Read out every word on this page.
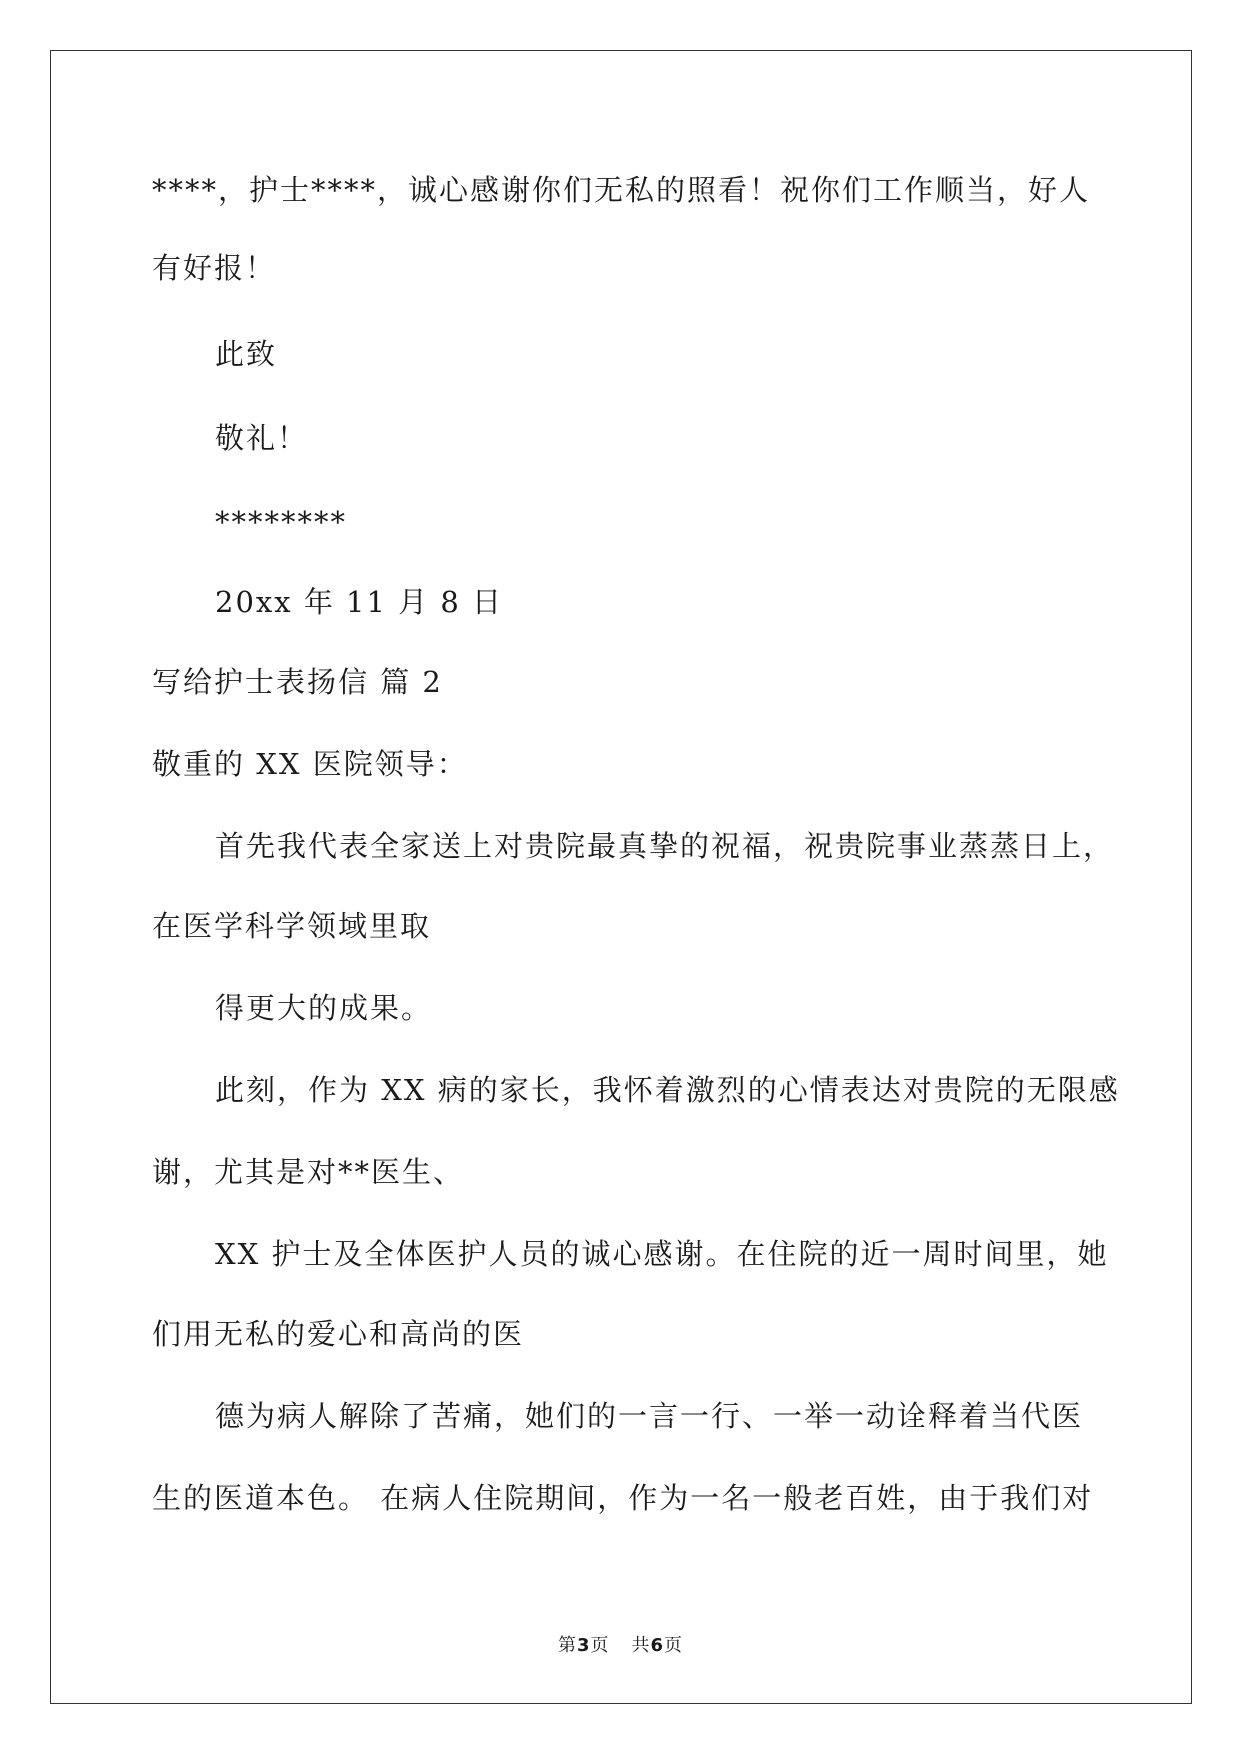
****，护士****，诚心感谢你们无私的照看！祝你们工作顺当，好人
有好报！
此致
敬礼！
********
20xx 年 11 月 8 日
写给护士表扬信 篇 2
敬重的 XX 医院领导：
首先我代表全家送上对贵院最真挚的祝福，祝贵院事业蒸蒸日上，
在医学科学领域里取
得更大的成果。
此刻，作为 XX 病的家长，我怀着激烈的心情表达对贵院的无限感
谢，尤其是对**医生、
XX 护士及全体医护人员的诚心感谢。在住院的近一周时间里，她
们用无私的爱心和高尚的医
德为病人解除了苦痛，她们的一言一行、一举一动诠释着当代医
生的医道本色。 在病人住院期间，作为一名一般老百姓，由于我们对
第3页 共6页
